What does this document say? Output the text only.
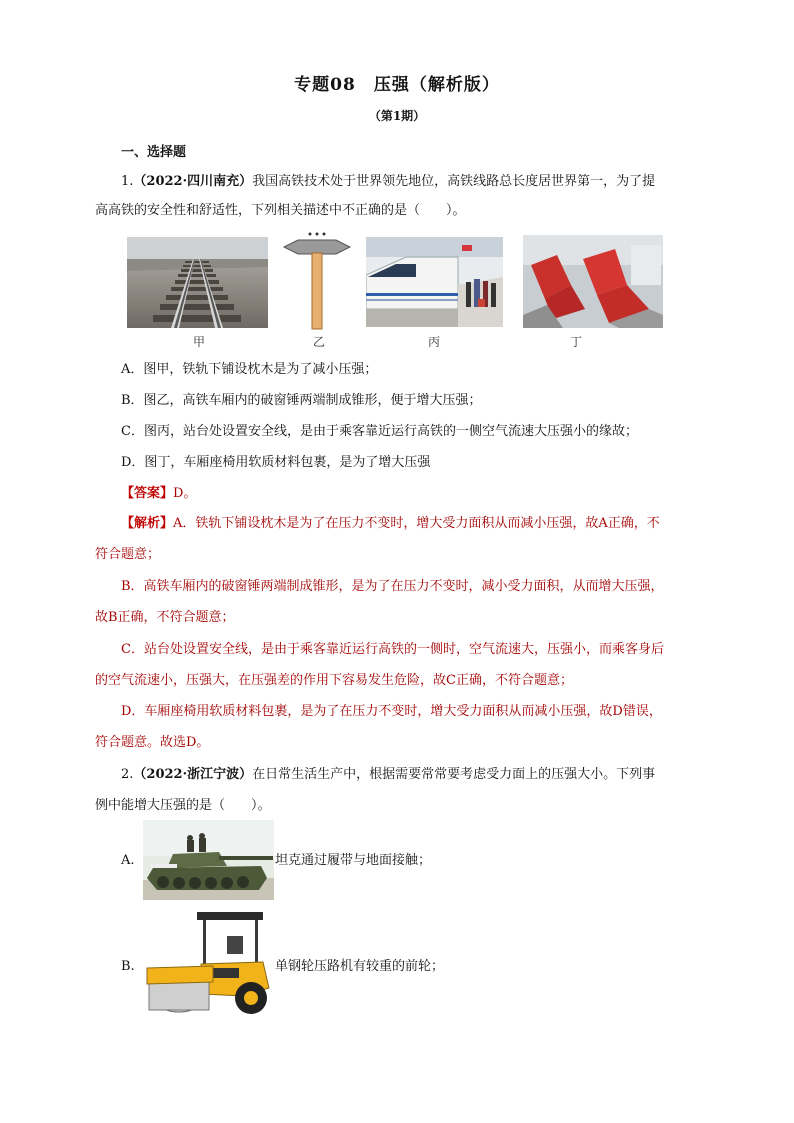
专题08　压强（解析版）
（第1期）
一、选择题
1.（2022·四川南充）我国高铁技术处于世界领先地位，高铁线路总长度居世界第一，为了提
高高铁的安全性和舒适性，下列相关描述中不正确的是（　　）。
甲	乙	丙	丁
A．图甲，铁轨下铺设枕木是为了减小压强；
B．图乙，高铁车厢内的破窗锤两端制成锥形，便于增大压强；
C．图丙，站台处设置安全线，是由于乘客靠近运行高铁的一侧空气流速大压强小的缘故；
D．图丁，车厢座椅用软质材料包裹，是为了增大压强
【答案】D。
【解析】A．铁轨下铺设枕木是为了在压力不变时，增大受力面积从而减小压强，故A正确，不
符合题意；
B．高铁车厢内的破窗锤两端制成锥形，是为了在压力不变时，减小受力面积，从而增大压强，
故B正确，不符合题意；
C．站台处设置安全线，是由于乘客靠近运行高铁的一侧时，空气流速大，压强小，而乘客身后
的空气流速小，压强大，在压强差的作用下容易发生危险，故C正确，不符合题意；
D．车厢座椅用软质材料包裹，是为了在压力不变时，增大受力面积从而减小压强，故D错误，
符合题意。故选D。
2.（2022·浙江宁波）在日常生活生产中，根据需要常常要考虑受力面上的压强大小。下列事
例中能增大压强的是（　　）。
A.	坦克通过履带与地面接触；
B.	单钢轮压路机有较重的前轮；
